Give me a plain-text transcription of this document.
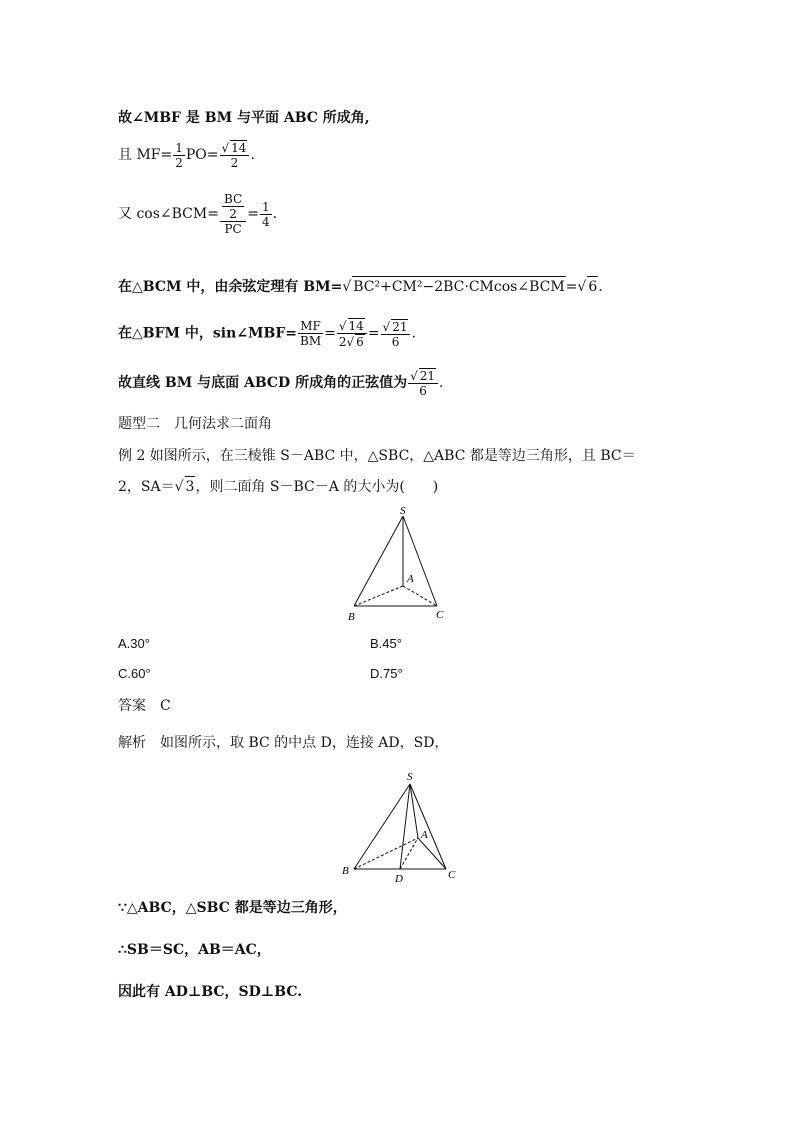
故∠MBF 是 BM 与平面 ABC 所成角,
且 $MF= \frac{1}{2} PO= \frac{√ 14}{2}$ .
又 cos∠BCM= $\frac{\frac{BC}{2}}{PC} = \frac{1}{4}$ .
在△BCM 中，由余弦定理有 BM=√ BC²+CM²−2BC·CMcos∠BCM=√ 6.
在△BFM 中，sin∠MBF= $\frac{MF}{BM} = \frac{√ 14}{2√ 6} = \frac{√ 21}{6}$ .
故直线 BM 与底面 ABCD 所成角的正弦值为 $\frac{√ 21}{6}$ .
题型二　几何法求二面角
例 2 如图所示，在三棱锥 S－ABC 中，△SBC，△ABC 都是等边三角形，且 BC＝
2，SA＝√ 3，则二面角 S－BC－A 的大小为(　　)
S
A
B	C
A.30°	B.45°
C.60°	D.75°
答案　C
解析　如图所示，取 BC 的中点 D，连接 AD，SD，
S
A
B	C
D
∵△ABC，△SBC 都是等边三角形，
∴SB＝SC，AB＝AC，
因此有 AD⊥BC，SD⊥BC.
